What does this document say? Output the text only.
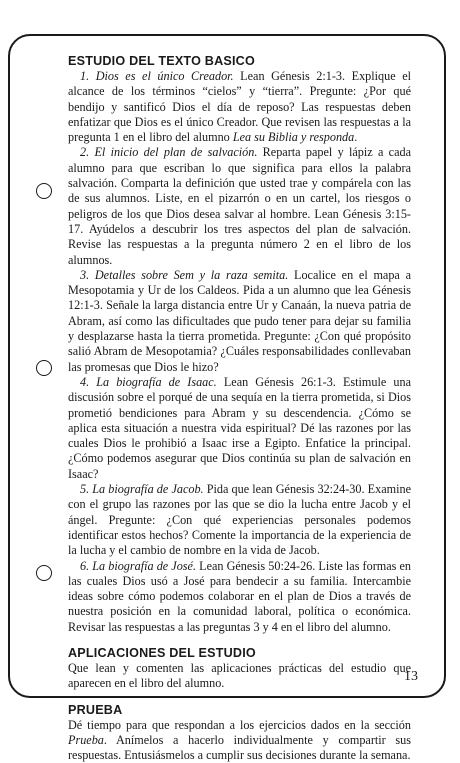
ESTUDIO DEL TEXTO BASICO

1. Dios es el único Creador. Lean Génesis 2:1-3. Explique el alcance de los términos “cielos” y “tierra”. Pregunte: ¿Por qué bendijo y santificó Dios el día de reposo? Las respuestas deben enfatizar que Dios es el único Creador. Que revisen las respuestas a la pregunta 1 en el libro del alumno Lea su Biblia y responda.

2. El inicio del plan de salvación. Reparta papel y lápiz a cada alumno para que escriban lo que significa para ellos la palabra salvación. Comparta la definición que usted trae y compárela con las de sus alumnos. Liste, en el pizarrón o en un cartel, los riesgos o peligros de los que Dios desea salvar al hombre. Lean Génesis 3:15-17. Ayúdelos a descubrir los tres aspectos del plan de salvación. Revise las respuestas a la pregunta número 2 en el libro de los alumnos.

3. Detalles sobre Sem y la raza semita. Localice en el mapa a Mesopotamia y Ur de los Caldeos. Pida a un alumno que lea Génesis 12:1-3. Señale la larga distancia entre Ur y Canaán, la nueva patria de Abram, así como las dificultades que pudo tener para dejar su familia y desplazarse hasta la tierra prometida. Pregunte: ¿Con qué propósito salió Abram de Mesopotamia? ¿Cuáles responsabilidades conllevaban las promesas que Dios le hizo?

4. La biografía de Isaac. Lean Génesis 26:1-3. Estimule una discusión sobre el porqué de una sequía en la tierra prometida, si Dios prometió bendiciones para Abram y su descendencia. ¿Cómo se aplica esta situación a nuestra vida espiritual? Dé las razones por las cuales Dios le prohibió a Isaac irse a Egipto. Enfatice la principal. ¿Cómo podemos asegurar que Dios continúa su plan de salvación en Isaac?

5. La biografía de Jacob. Pida que lean Génesis 32:24-30. Examine con el grupo las razones por las que se dio la lucha entre Jacob y el ángel. Pregunte: ¿Con qué experiencias personales podemos identificar estos hechos? Comente la importancia de la experiencia de la lucha y el cambio de nombre en la vida de Jacob.

6. La biografía de José. Lean Génesis 50:24-26. Liste las formas en las cuales Dios usó a José para bendecir a su familia. Intercambie ideas sobre cómo podemos colaborar en el plan de Dios a través de nuestra posición en la comunidad laboral, política o económica. Revisar las respuestas a las preguntas 3 y 4 en el libro del alumno.

APLICACIONES DEL ESTUDIO

Que lean y comenten las aplicaciones prácticas del estudio que aparecen en el libro del alumno.

PRUEBA

Dé tiempo para que respondan a los ejercicios dados en la sección Prueba. Anímelos a hacerlo individualmente y compartir sus respuestas. Entusiásmelos a cumplir sus decisiones durante la semana.

13
